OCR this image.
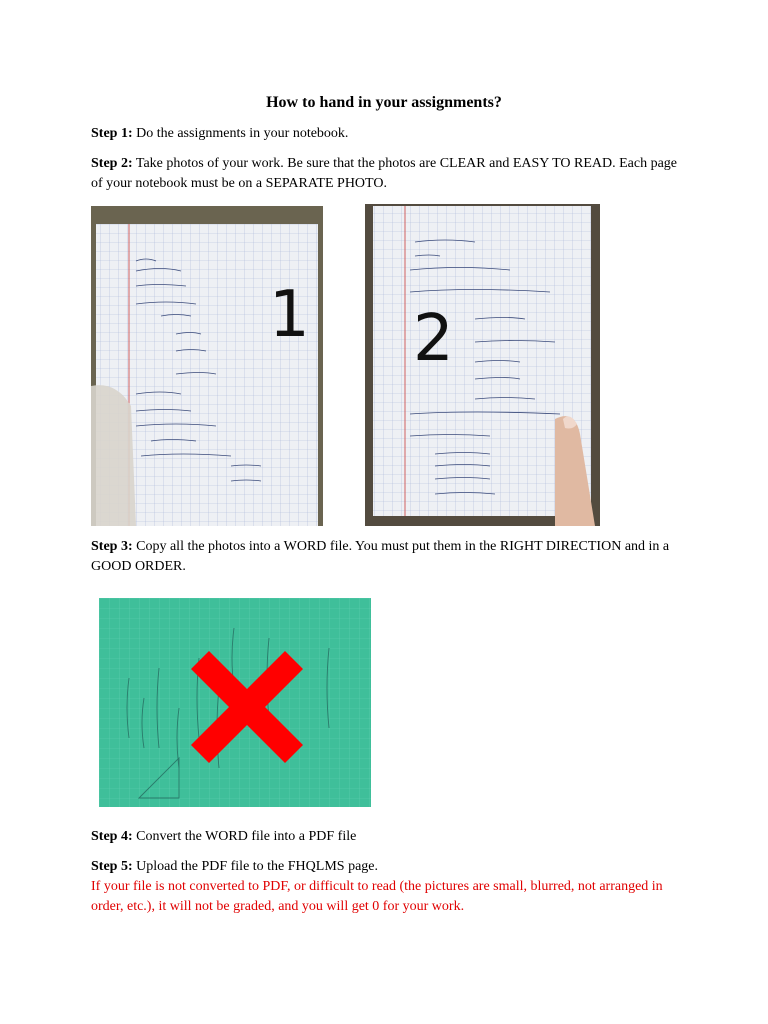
How to hand in your assignments?
Step 1: Do the assignments in your notebook.
Step 2: Take photos of your work. Be sure that the photos are CLEAR and EASY TO READ. Each page of your notebook must be on a SEPARATE PHOTO.
1 2
Step 3: Copy all the photos into a WORD file. You must put them in the RIGHT DIRECTION and in a GOOD ORDER.
Step 4: Convert the WORD file into a PDF file
Step 5: Upload the PDF file to the FHQLMS page.
If your file is not converted to PDF, or difficult to read (the pictures are small, blurred, not arranged in order, etc.), it will not be graded, and you will get 0 for your work.
